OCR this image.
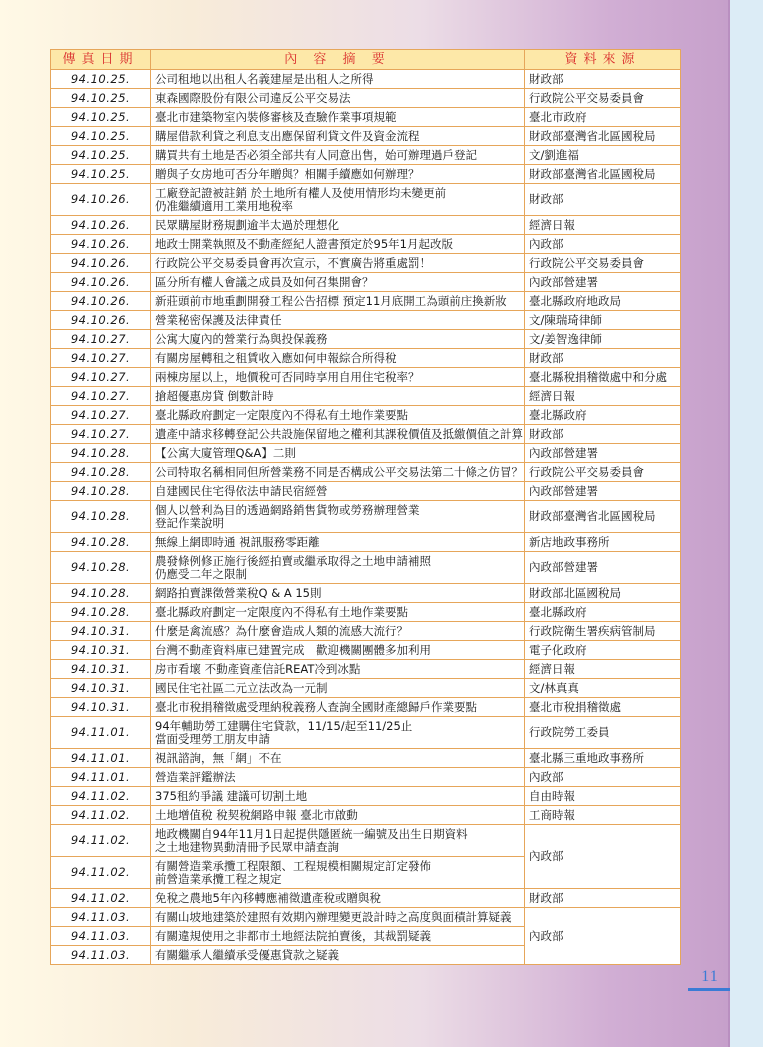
傳真日期	內 容 摘 要	資料來源
94.10.25.	公司租地以出租人名義建屋是出租人之所得	財政部
94.10.25.	東森國際股份有限公司違反公平交易法	行政院公平交易委員會
94.10.25.	臺北市建築物室內裝修審核及查驗作業事項規範	臺北市政府
94.10.25.	購屋借款利貸之利息支出應保留利貸文件及資金流程	財政部臺灣省北區國稅局
94.10.25.	購買共有土地是否必須全部共有人同意出售，始可辦理過戶登記	文/劉進福
94.10.25.	贈與子女房地可否分年贈與？相關手續應如何辦理？	財政部臺灣省北區國稅局
94.10.26.	工廠登記證被註銷 於土地所有權人及使用情形均未變更前
仍准繼續適用工業用地稅率	財政部
94.10.26.	民眾購屋財務規劃逾半太過於理想化	經濟日報
94.10.26.	地政士開業執照及不動產經紀人證書預定於95年1月起改版	內政部
94.10.26.	行政院公平交易委員會再次宣示，不實廣告將重處罰！	行政院公平交易委員會
94.10.26.	區分所有權人會議之成員及如何召集開會？	內政部營建署
94.10.26.	新莊頭前市地重劃開發工程公告招標 預定11月底開工為頭前庄換新妝	臺北縣政府地政局
94.10.26.	營業秘密保護及法律責任	文/陳瑞琦律師
94.10.27.	公寓大廈內的營業行為與投保義務	文/姜智逸律師
94.10.27.	有關房屋轉租之租賃收入應如何申報綜合所得稅	財政部
94.10.27.	兩棟房屋以上，地價稅可否同時享用自用住宅稅率？	臺北縣稅捐稽徵處中和分處
94.10.27.	搶超優惠房貸 倒數計時	經濟日報
94.10.27.	臺北縣政府劃定一定限度內不得私有土地作業要點	臺北縣政府
94.10.27.	遺產中請求移轉登記公共設施保留地之權利其課稅價值及抵繳價值之計算	財政部
94.10.28.	【公寓大廈管理Q&A】二則	內政部營建署
94.10.28.	公司特取名稱相同但所營業務不同是否構成公平交易法第二十條之仿冒？	行政院公平交易委員會
94.10.28.	自建國民住宅得依法申請民宿經營	內政部營建署
94.10.28.	個人以營利為目的透過網路銷售貨物或勞務辦理營業
登記作業說明	財政部臺灣省北區國稅局
94.10.28.	無線上網即時通 視訊服務零距離	新店地政事務所
94.10.28.	農發條例修正施行後經拍賣或繼承取得之土地申請補照
仍應受二年之限制	內政部營建署
94.10.28.	網路拍賣課徵營業稅Q & A 15則	財政部北區國稅局
94.10.28.	臺北縣政府劃定一定限度內不得私有土地作業要點	臺北縣政府
94.10.31.	什麼是禽流感？為什麼會造成人類的流感大流行？	行政院衛生署疾病管制局
94.10.31.	台灣不動產資料庫已建置完成　歡迎機關團體多加利用	電子化政府
94.10.31.	房市看壞 不動產資產信託REAT冷到冰點	經濟日報
94.10.31.	國民住宅社區二元立法改為一元制	文/林真真
94.10.31.	臺北市稅捐稽徵處受理納稅義務人查詢全國財產總歸戶作業要點	臺北市稅捐稽徵處
94.11.01.	94年輔助勞工建購住宅貸款，11/15/起至11/25止
當面受理勞工朋友申請	行政院勞工委員
94.11.01.	視訊諮詢，無「網」不在	臺北縣三重地政事務所
94.11.01.	營造業評鑑辦法	內政部
94.11.02.	375租約爭議 建議可切割土地	自由時報
94.11.02.	土地增值稅 稅契稅網路申報 臺北市啟動	工商時報
94.11.02.	地政機關自94年11月1日起提供隱匿統一編號及出生日期資料
之土地建物異動清冊予民眾申請查詢	內政部
94.11.02.	有關營造業承攬工程限額、工程規模相關規定訂定發佈
前營造業承攬工程之規定	

94.11.02.	免稅之農地5年內移轉應補徵遺產稅或贈與稅	財政部
94.11.03.	有關山坡地建築於建照有效期內辦理變更設計時之高度與面積計算疑義	內政部
94.11.03.	有關違規使用之非都市土地經法院拍賣後，其裁罰疑義	

94.11.03.	有關繼承人繼續承受優惠貸款之疑義	
11
